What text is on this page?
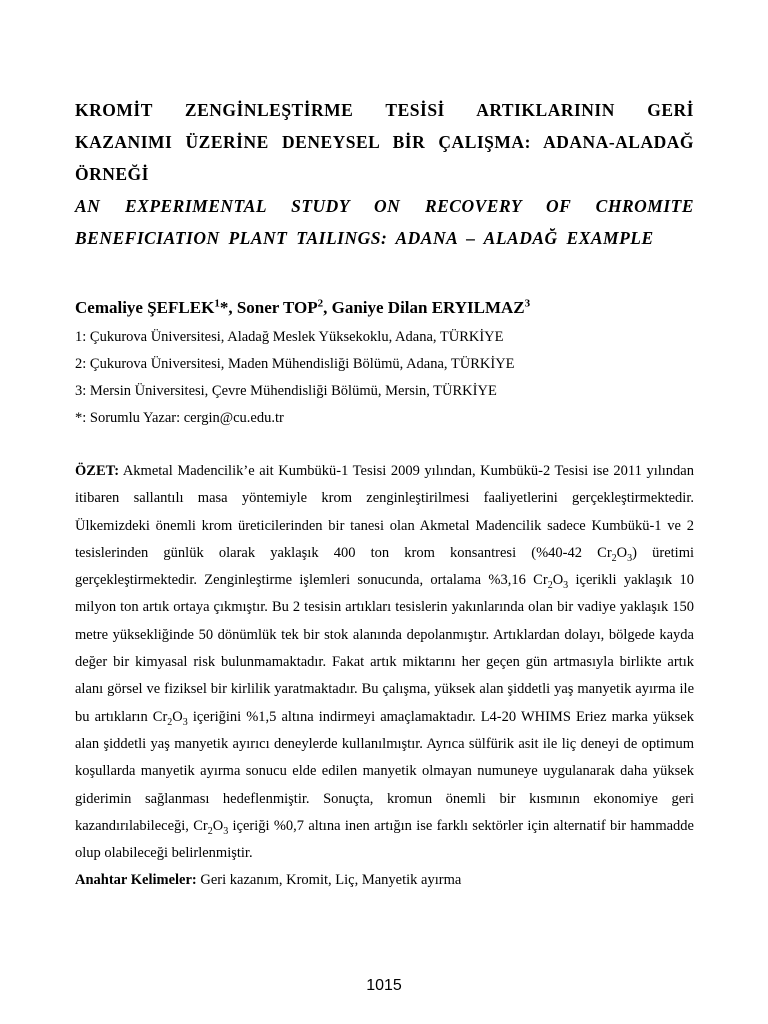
KROMİT ZENGİNLEŞTİRME TESİSİ ARTIKLARININ GERİ KAZANIMI ÜZERİNE DENEYSEL BİR ÇALIŞMA: ADANA-ALADAĞ ÖRNEĞİ

AN EXPERIMENTAL STUDY ON RECOVERY OF CHROMITE BENEFICIATION PLANT TAILINGS: ADANA – ALADAĞ EXAMPLE

Cemaliye ŞEFLEK$^1$*, Soner TOP$^2$, Ganiye Dilan ERYILMAZ$^3$

1: Çukurova Üniversitesi, Aladağ Meslek Yüksekoklu, Adana, TÜRKİYE

2: Çukurova Üniversitesi, Maden Mühendisliği Bölümü, Adana, TÜRKİYE

3: Mersin Üniversitesi, Çevre Mühendisliği Bölümü, Mersin, TÜRKİYE

*: Sorumlu Yazar: cergin@cu.edu.tr

ÖZET: Akmetal Madencilik’e ait Kumbükü-1 Tesisi 2009 yılından, Kumbükü-2 Tesisi ise 2011 yılından itibaren sallantılı masa yöntemiyle krom zenginleştirilmesi faaliyetlerini gerçekleştirmektedir. Ülkemizdeki önemli krom üreticilerinden bir tanesi olan Akmetal Madencilik sadece Kumbükü-1 ve 2 tesislerinden günlük olarak yaklaşık 400 ton krom konsantresi (%40-42 $Cr_2O_3$) üretimi gerçekleştirmektedir. Zenginleştirme işlemleri sonucunda, ortalama %3,16 $Cr_2O_3$ içerikli yaklaşık 10 milyon ton artık ortaya çıkmıştır. Bu 2 tesisin artıkları tesislerin yakınlarında olan bir vadiye yaklaşık 150 metre yüksekliğinde 50 dönümlük tek bir stok alanında depolanmıştır. Artıklardan dolayı, bölgede kayda değer bir kimyasal risk bulunmamaktadır. Fakat artık miktarını her geçen gün artmasıyla birlikte artık alanı görsel ve fiziksel bir kirlilik yaratmaktadır. Bu çalışma, yüksek alan şiddetli yaş manyetik ayırma ile bu artıkların $Cr_2O_3$ içeriğini %1,5 altına indirmeyi amaçlamaktadır. L4-20 WHIMS Eriez marka yüksek alan şiddetli yaş manyetik ayırıcı deneylerde kullanılmıştır. Ayrıca sülfürik asit ile liç deneyi de optimum koşullarda manyetik ayırma sonucu elde edilen manyetik olmayan numuneye uygulanarak daha yüksek giderimin sağlanması hedeflenmiştir. Sonuçta, kromun önemli bir kısmının ekonomiye geri kazandırılabileceği, $Cr_2O_3$ içeriği %0,7 altına inen artığın ise farklı sektörler için alternatif bir hammadde olup olabileceği belirlenmiştir.
Anahtar Kelimeler: Geri kazanım, Kromit, Liç, Manyetik ayırma
1015
